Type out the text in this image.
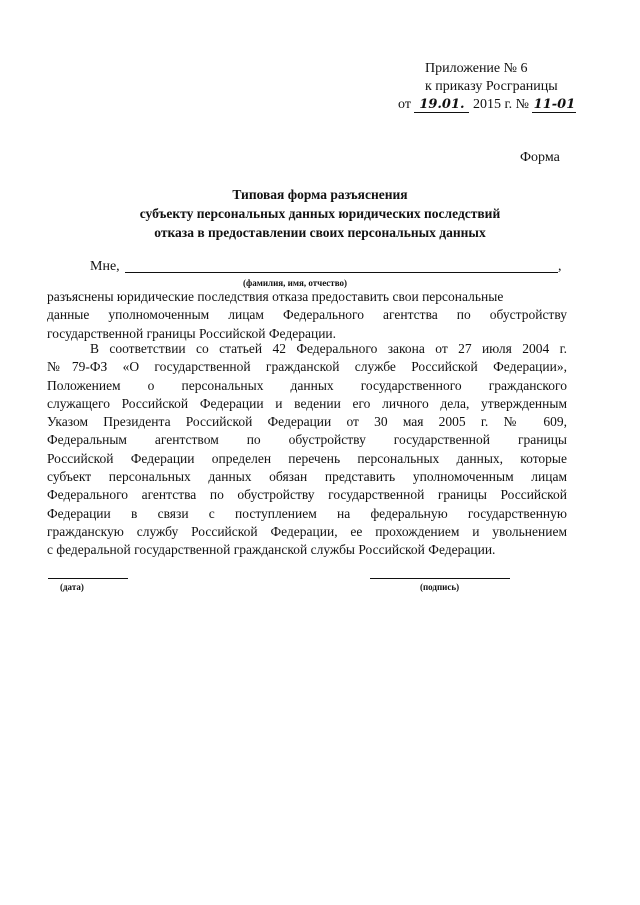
Приложение № 6
к приказу Росграницы
от 19.01. 2015 г. № 11-01
Форма
Типовая форма разъяснения
субъекту персональных данных юридических последствий
отказа в предоставлении своих персональных данных
Мне,	,
(фамилия, имя, отчество)
разъяснены юридические последствия отказа предоставить свои персональные
данные уполномоченным лицам Федерального агентства по обустройству
государственной границы Российской Федерации.
В соответствии со статьей 42 Федерального закона от 27 июля 2004 г.
№79-ФЗ «О государственной гражданской службе Российской Федерации»,
Положением о персональных данных государственного гражданского
служащего Российской Федерации и ведении его личного дела, утвержденным
Указом Президента Российской Федерации от 30 мая 2005 г. № 609,
Федеральным агентством по обустройству государственной границы
Российской Федерации определен перечень персональных данных, которые
субъект персональных данных обязан представить уполномоченным лицам
Федерального агентства по обустройству государственной границы Российской
Федерации в связи с поступлением на федеральную государственную
гражданскую службу Российской Федерации, ее прохождением и увольнением
с федеральной государственной гражданской службы Российской Федерации.
(дата)	(подпись)
